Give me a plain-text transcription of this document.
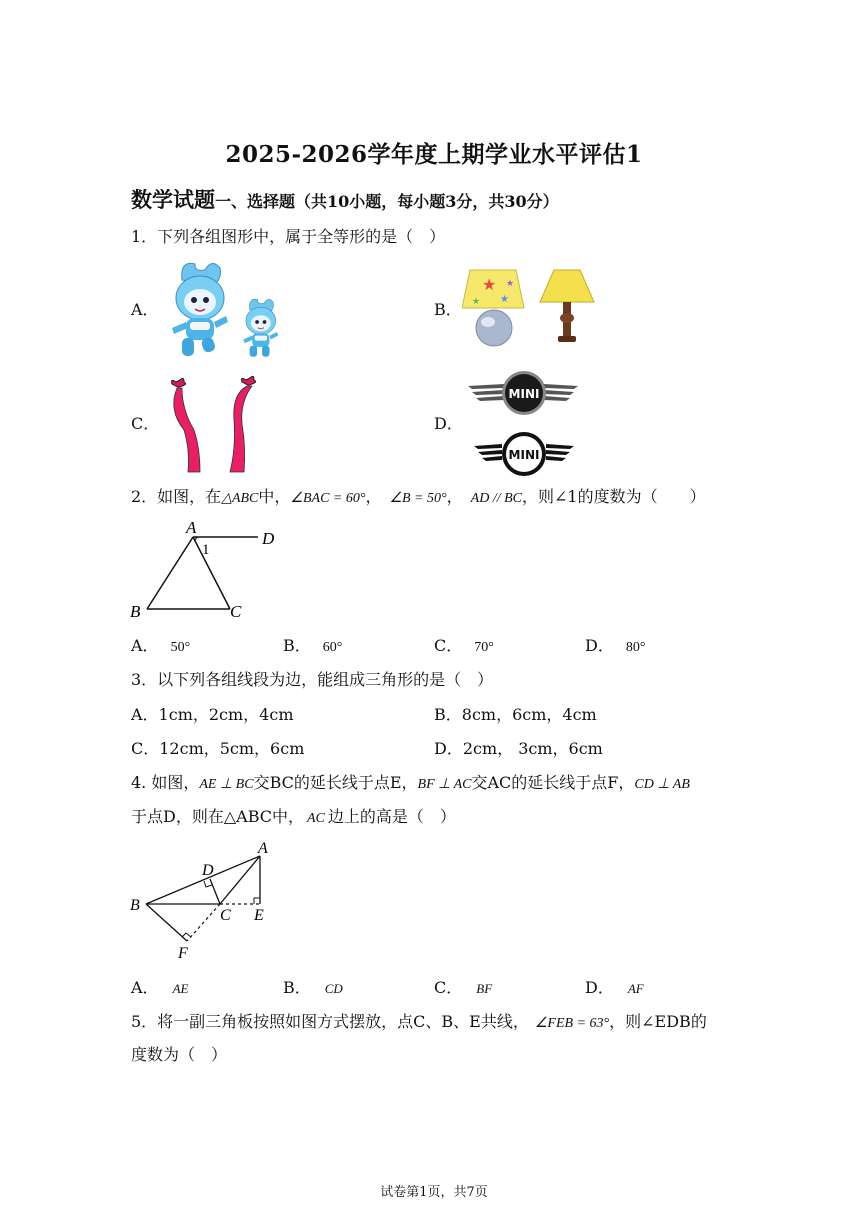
2025-2026学年度上期学业水平评估1
数学试题一、选择题（共10小题，每小题3分，共30分）
1．下列各组图形中，属于全等形的是（　）
A．	B．
C．	D．
★
★
★
★
MINI
MINI
2．如图，在△ABC中，∠BAC = 60°， ∠B = 50°， AD // BC，则∠1的度数为（　　）
A
1
D
B	C
A． 50°	B． 60°	C． 70°	D． 80°
3．以下列各组线段为边，能组成三角形的是（　）
A．1cm，2cm，4cm	B．8cm，6cm，4cm
C．12cm，5cm，6cm	D．2cm， 3cm，6cm
4. 如图，AE ⊥ BC交BC的延长线于点E，BF ⊥ AC交AC的延长线于点F，CD ⊥ AB
于点D，则在△ABC中， AC 边上的高是（　）
A
D
B
C E
F
A． AE	B． CD	C． BF	D． AF
5．将一副三角板按照如图方式摆放，点C、B、E共线， ∠FEB = 63°，则∠EDB的
度数为（　）
试卷第1页，共7页
